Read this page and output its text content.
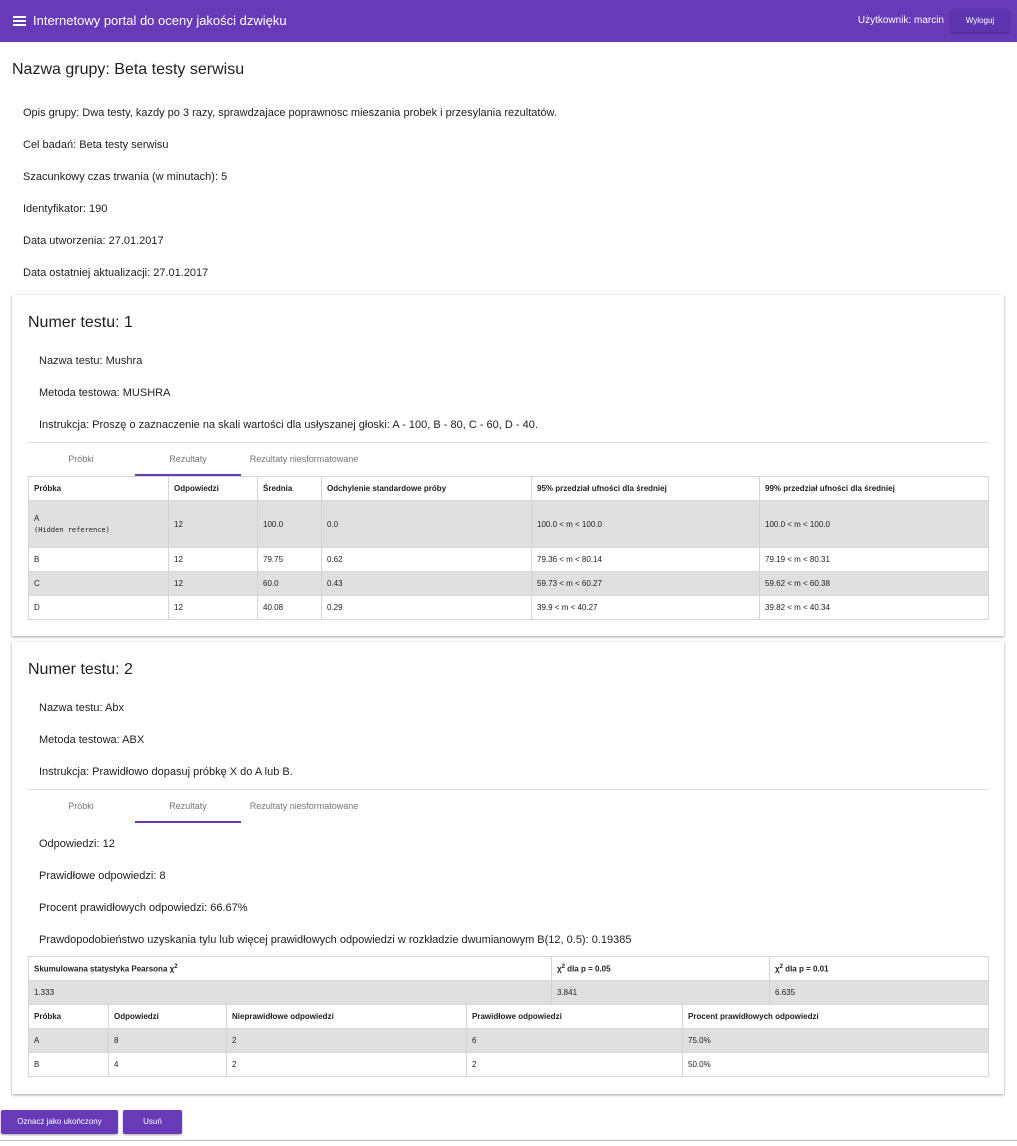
Internetowy portal do oceny jakości dzwięku	Użytkownik: marcin	Wyloguj
Nazwa grupy: Beta testy serwisu
Opis grupy: Dwa testy, kazdy po 3 razy, sprawdzajace poprawnosc mieszania probek i przesylania rezultatów.
Cel badań: Beta testy serwisu
Szacunkowy czas trwania (w minutach): 5
Identyfikator: 190
Data utworzenia: 27.01.2017
Data ostatniej aktualizacji: 27.01.2017
Numer testu: 1
Nazwa testu: Mushra
Metoda testowa: MUSHRA
Instrukcja: Proszę o zaznaczenie na skali wartości dla usłyszanej głoski: A - 100, B - 80, C - 60, D - 40.
Próbki	Rezultaty	Rezultaty niesformatowane
Próbka	Odpowiedzi	Średnia	Odchylenie standardowe próby	95% przedział ufności dla średniej	99% przedział ufności dla średniej
A
(Hidden reference)	12	100.0	0.0	100.0 < m < 100.0	100.0 < m < 100.0
B	12	79.75	0.62	79.36 < m < 80.14	79.19 < m < 80.31
C	12	60.0	0.43	59.73 < m < 60.27	59.62 < m < 60.38
D	12	40.08	0.29	39.9 < m < 40.27	39.82 < m < 40.34
Numer testu: 2
Nazwa testu: Abx
Metoda testowa: ABX
Instrukcja: Prawidłowo dopasuj próbkę X do A lub B.
Próbki	Rezultaty	Rezultaty niesformatowane
Odpowiedzi: 12
Prawidłowe odpowiedzi: 8
Procent prawidłowych odpowiedzi: 66.67%
Prawdopodobieństwo uzyskania tylu lub więcej prawidłowych odpowiedzi w rozkładzie dwumianowym B(12, 0.5): 0.19385
Skumulowana statystyka Pearsona $\chi^2$	$\chi^2$ dla p = 0.05	$\chi^2$ dla p = 0.01
1.333	3.841	6.635
Próbka	Odpowiedzi	Nieprawidłowe odpowiedzi	Prawidłowe odpowiedzi	Procent prawidłowych odpowiedzi
A	8	2	6	75.0%
B	4	2	2	50.0%
Oznacz jako ukończony	Usuń
